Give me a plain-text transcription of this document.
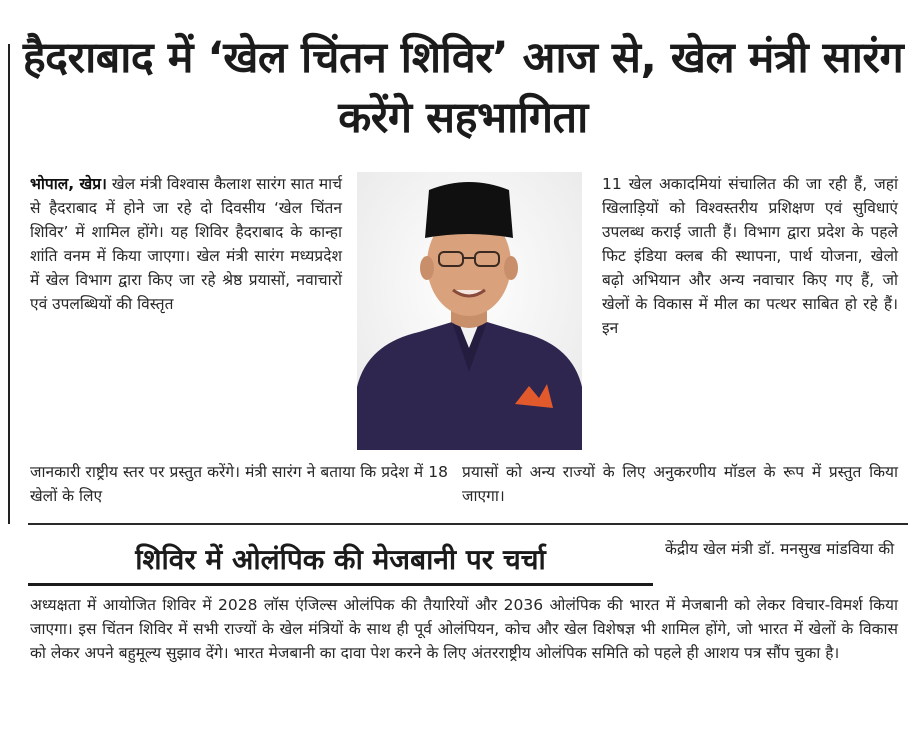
हैदराबाद में ‘खेल चिंतन शिविर’ आज से, खेल मंत्री सारंग करेंगे सहभागिता

भोपाल, खेप्र। खेल मंत्री विश्वास कैलाश सारंग सात मार्च से हैदराबाद में होने जा रहे दो दिवसीय ‘खेल चिंतन शिविर’ में शामिल होंगे। यह शिविर हैदराबाद के कान्हा शांति वनम में किया जाएगा। खेल मंत्री सारंग मध्यप्रदेश में खेल विभाग द्वारा किए जा रहे श्रेष्ठ प्रयासों, नवाचारों एवं उपलब्धियों की विस्तृत

11 खेल अकादमियां संचालित की जा रही हैं, जहां खिलाड़ियों को विश्वस्तरीय प्रशिक्षण एवं सुविधाएं उपलब्ध कराई जाती हैं। विभाग द्वारा प्रदेश के पहले फिट इंडिया क्लब की स्थापना, पार्थ योजना, खेलो बढ़ो अभियान और अन्य नवाचार किए गए हैं, जो खेलों के विकास में मील का पत्थर साबित हो रहे हैं। इन

जानकारी राष्ट्रीय स्तर पर प्रस्तुत करेंगे। मंत्री सारंग ने बताया कि प्रदेश में 18 खेलों के लिए

प्रयासों को अन्य राज्यों के लिए अनुकरणीय मॉडल के रूप में प्रस्तुत किया जाएगा।

शिविर में ओलंपिक की मेजबानी पर चर्चा	केंद्रीय खेल मंत्री डॉ. मनसुख मांडविया की

अध्यक्षता में आयोजित शिविर में 2028 लॉस एंजिल्स ओलंपिक की तैयारियों और 2036 ओलंपिक की भारत में मेजबानी को लेकर विचार-विमर्श किया जाएगा। इस चिंतन शिविर में सभी राज्यों के खेल मंत्रियों के साथ ही पूर्व ओलंपियन, कोच और खेल विशेषज्ञ भी शामिल होंगे, जो भारत में खेलों के विकास को लेकर अपने बहुमूल्य सुझाव देंगे। भारत मेजबानी का दावा पेश करने के लिए अंतरराष्ट्रीय ओलंपिक समिति को पहले ही आशय पत्र सौंप चुका है।
